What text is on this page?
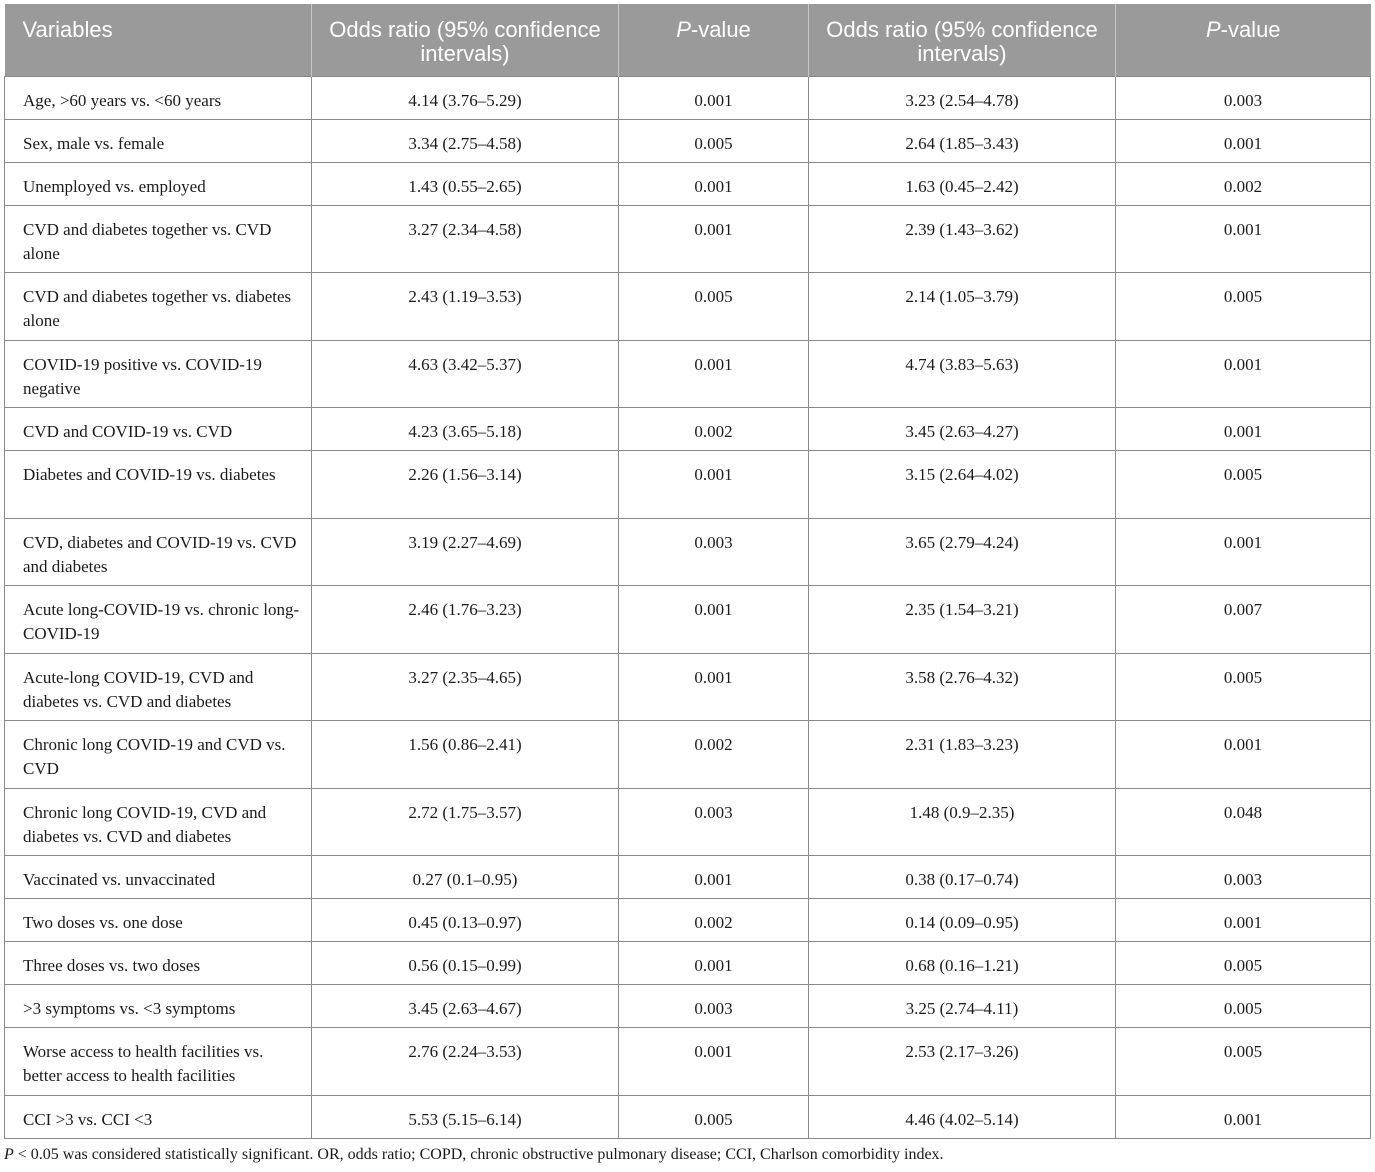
Variables	Odds ratio (95% confidence intervals)	P-value	Odds ratio (95% confidence intervals)	P-value
Age, >60 years vs. <60 years	4.14 (3.76–5.29)	0.001	3.23 (2.54–4.78)	0.003
Sex, male vs. female	3.34 (2.75–4.58)	0.005	2.64 (1.85–3.43)	0.001
Unemployed vs. employed	1.43 (0.55–2.65)	0.001	1.63 (0.45–2.42)	0.002
CVD and diabetes together vs. CVD alone	3.27 (2.34–4.58)	0.001	2.39 (1.43–3.62)	0.001
CVD and diabetes together vs. diabetes alone	2.43 (1.19–3.53)	0.005	2.14 (1.05–3.79)	0.005
COVID-19 positive vs. COVID-19 negative	4.63 (3.42–5.37)	0.001	4.74 (3.83–5.63)	0.001
CVD and COVID-19 vs. CVD	4.23 (3.65–5.18)	0.002	3.45 (2.63–4.27)	0.001
Diabetes and COVID-19 vs. diabetes	2.26 (1.56–3.14)	0.001	3.15 (2.64–4.02)	0.005
CVD, diabetes and COVID-19 vs. CVD and diabetes	3.19 (2.27–4.69)	0.003	3.65 (2.79–4.24)	0.001
Acute long-COVID-19 vs. chronic long-COVID-19	2.46 (1.76–3.23)	0.001	2.35 (1.54–3.21)	0.007
Acute-long COVID-19, CVD and diabetes vs. CVD and diabetes	3.27 (2.35–4.65)	0.001	3.58 (2.76–4.32)	0.005
Chronic long COVID-19 and CVD vs. CVD	1.56 (0.86–2.41)	0.002	2.31 (1.83–3.23)	0.001
Chronic long COVID-19, CVD and diabetes vs. CVD and diabetes	2.72 (1.75–3.57)	0.003	1.48 (0.9–2.35)	0.048
Vaccinated vs. unvaccinated	0.27 (0.1–0.95)	0.001	0.38 (0.17–0.74)	0.003
Two doses vs. one dose	0.45 (0.13–0.97)	0.002	0.14 (0.09–0.95)	0.001
Three doses vs. two doses	0.56 (0.15–0.99)	0.001	0.68 (0.16–1.21)	0.005
>3 symptoms vs. <3 symptoms	3.45 (2.63–4.67)	0.003	3.25 (2.74–4.11)	0.005
Worse access to health facilities vs. better access to health facilities	2.76 (2.24–3.53)	0.001	2.53 (2.17–3.26)	0.005
CCI >3 vs. CCI <3	5.53 (5.15–6.14)	0.005	4.46 (4.02–5.14)	0.001
P < 0.05 was considered statistically significant. OR, odds ratio; COPD, chronic obstructive pulmonary disease; CCI, Charlson comorbidity index.
